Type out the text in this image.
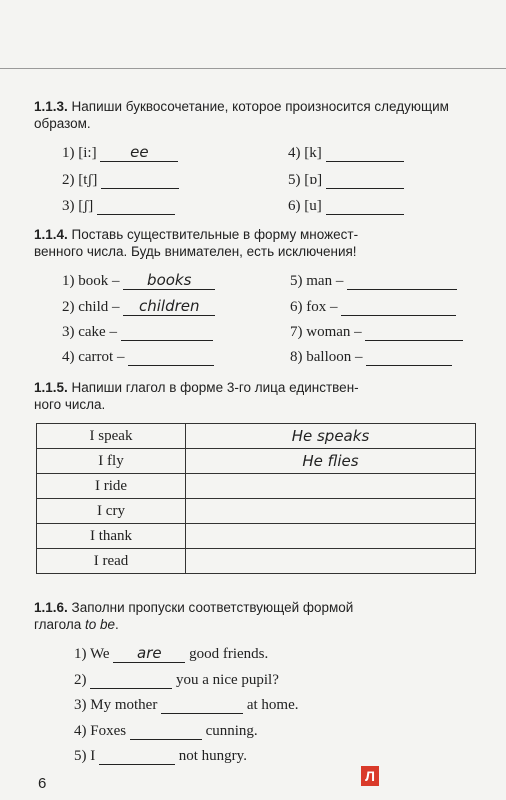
1.1.3. Напиши буквосочетание, которое произносится следующим образом.
1) [i:]	ee
2) [tʃ]
3) [ʃ]
4) [k]
5) [ɒ]
6) [u]
1.1.4. Поставь существительные в форму множест-
венного числа. Будь внимателен, есть исключения!
1) book –	books
2) child –	children
3) cake –
4) carrot –
5) man –
6) fox –
7) woman –
8) balloon –
1.1.5. Напиши глагол в форме 3-го лица единствен-
ного числа.
I speak	He speaks
I fly	He flies
I ride	
I cry	
I thank	
I read	
1.1.6. Заполни пропуски соответствующей формой
глагола to be.
1) We	are	good friends.
2)	you a nice pupil?
3) My mother	at home.
4) Foxes	cunning.
5) I	not hungry.
6	Л
